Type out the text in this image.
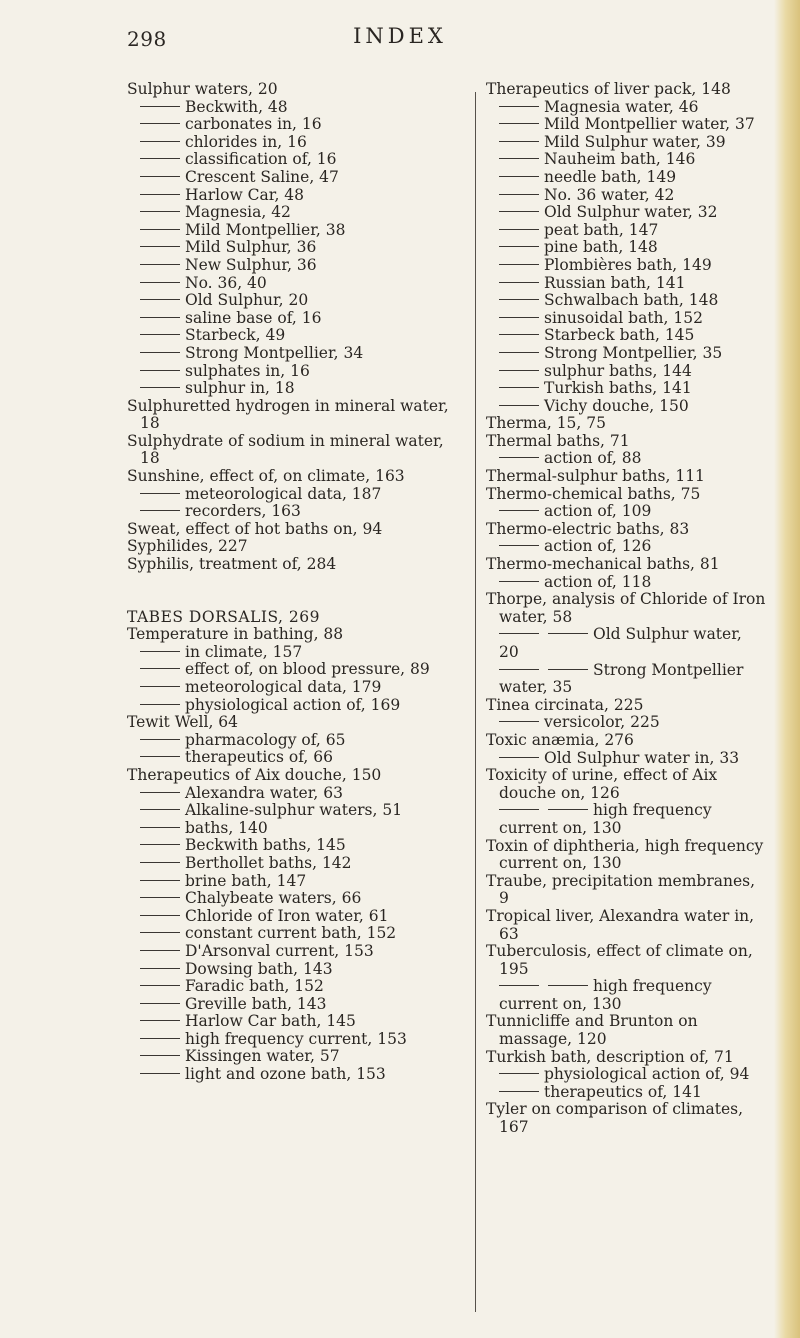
298	INDEX
Sulphur waters, 20
Beckwith, 48
carbonates in, 16
chlorides in, 16
classification of, 16
Crescent Saline, 47
Harlow Car, 48
Magnesia, 42
Mild Montpellier, 38
Mild Sulphur, 36
New Sulphur, 36
No. 36, 40
Old Sulphur, 20
saline base of, 16
Starbeck, 49
Strong Montpellier, 34
sulphates in, 16
sulphur in, 18
Sulphuretted hydrogen in mineral water, 18
Sulphydrate of sodium in mineral water, 18
Sunshine, effect of, on climate, 163
meteorological data, 187
recorders, 163
Sweat, effect of hot baths on, 94
Syphilides, 227
Syphilis, treatment of, 284
TABES DORSALIS, 269
Temperature in bathing, 88
in climate, 157
effect of, on blood pressure, 89
meteorological data, 179
physiological action of, 169
Tewit Well, 64
pharmacology of, 65
therapeutics of, 66
Therapeutics of Aix douche, 150
Alexandra water, 63
Alkaline-sulphur waters, 51
baths, 140
Beckwith baths, 145
Berthollet baths, 142
brine bath, 147
Chalybeate waters, 66
Chloride of Iron water, 61
constant current bath, 152
D'Arsonval current, 153
Dowsing bath, 143
Faradic bath, 152
Greville bath, 143
Harlow Car bath, 145
high frequency current, 153
Kissingen water, 57
light and ozone bath, 153
Therapeutics of liver pack, 148
Magnesia water, 46
Mild Montpellier water, 37
Mild Sulphur water, 39
Nauheim bath, 146
needle bath, 149
No. 36 water, 42
Old Sulphur water, 32
peat bath, 147
pine bath, 148
Plombières bath, 149
Russian bath, 141
Schwalbach bath, 148
sinusoidal bath, 152
Starbeck bath, 145
Strong Montpellier, 35
sulphur baths, 144
Turkish baths, 141
Vichy douche, 150
Therma, 15, 75
Thermal baths, 71
action of, 88
Thermal-sulphur baths, 111
Thermo-chemical baths, 75
action of, 109
Thermo-electric baths, 83
action of, 126
Thermo-mechanical baths, 81
action of, 118
Thorpe, analysis of Chloride of Iron water, 58
Old Sulphur water, 20
Strong Montpellier water, 35
Tinea circinata, 225
versicolor, 225
Toxic anæmia, 276
Old Sulphur water in, 33
Toxicity of urine, effect of Aix douche on, 126
high frequency current on, 130
Toxin of diphtheria, high frequency current on, 130
Traube, precipitation membranes, 9
Tropical liver, Alexandra water in, 63
Tuberculosis, effect of climate on, 195
high frequency current on, 130
Tunnicliffe and Brunton on massage, 120
Turkish bath, description of, 71
physiological action of, 94
therapeutics of, 141
Tyler on comparison of climates, 167
